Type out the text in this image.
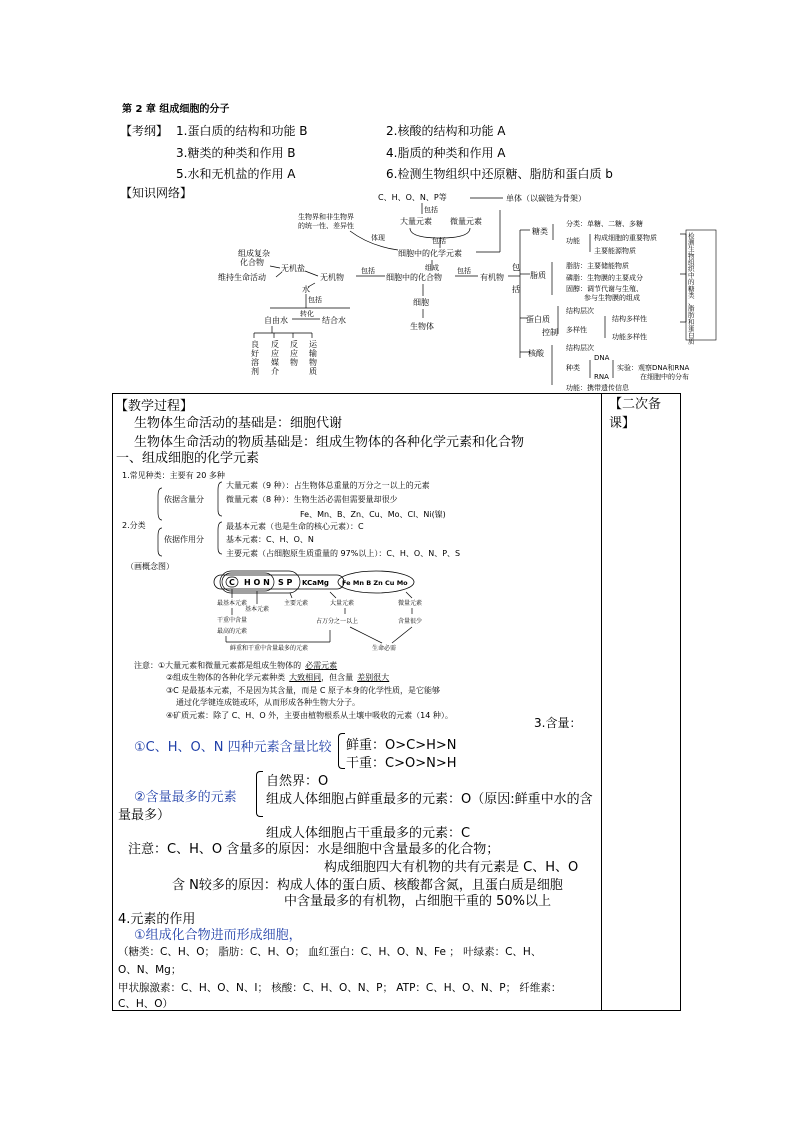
第 2 章 组成细胞的分子
【考纲】 1.蛋白质的结构和功能 B	2.核酸的结构和功能 A
3.糖类的种类和作用 B	4.脂质的种类和作用 A
5.水和无机盐的作用 A	6.检测生物组织中还原糖、脂肪和蛋白质 b
【知识网络】	C、H、O、N、P等	单体（以碳链为骨架）
包括
大量元素 微量元素
生物界和非生物界
的统一性、差异性
体现	包括
细胞中的化学元素
组成复杂
化合物
维持生命活动
无机盐
无机物
包括	组成
细胞中的化合物
包括
有机物
包
括
水
包括
转化
自由水	结合水
良
好
溶
剂
反
应
媒
介
反
应
物
运
输
物
质
细胞
生物体
糖类
分类：单糖、二糖、多糖
功能 构成细胞的重要物质
主要能源物质
脂质
脂肪：主要储能物质
磷脂：生物膜的主要成分
固醇：调节代谢与生殖、
参与生物膜的组成
蛋白质
结构层次
多样性
结构多样性
功能多样性
控制
核酸
结构层次
种类
DNA
RNA
实验：观察DNA和RNA
在细胞中的分布
功能：携带遗传信息
检
测
生
物
组
织
中
的
糖
类
、
脂
肪
和
蛋
白
质
【教学过程】	【二次备课】
生物体生命活动的基础是：细胞代谢
生物体生命活动的物质基础是：组成生物体的各种化学元素和化合物
一、组成细胞的化学元素
1.常见种类：主要有 20 多种
2.分类
依据含量分
依据作用分
大量元素（9 种）：占生物体总重量的万分之一以上的元素
微量元素（8 种）：生物生活必需但需要量却很少
Fe、Mn、B、Zn、Cu、Mo、Cl、Ni(镍)
最基本元素（也是生命的核心元素）：C
基本元素：C、H、O、N
主要元素（占细胞原生质重量的 97%以上）：C、H、O、N、P、S
（画概念图）
C H O N S P KCaMg Fe Mn B Zn Cu Mo
最基本元素
基本元素
主要元素	大量元素	微量元素
干重中含量
最高的元素
占万分之一以上	含量很少
鲜重和干重中含量最多的元素	生命必需
注意：①大量元素和微量元素都是组成生物体的 必需元素
②组成生物体的各种化学元素种类 大致相同，但含量 差别很大
③C 是最基本元素，不是因为其含量，而是 C 原子本身的化学性质，是它能够
通过化学键连成链或环，从而形成各种生物大分子。
④矿质元素：除了 C、H、O 外，主要由植物根系从土壤中吸收的元素（14 种）。
3.含量：
①C、H、O、N 四种元素含量比较 鲜重：O>C>H>N
干重：C>O>N>H
②含量最多的元素
自然界：O
组成人体细胞占鲜重最多的元素：O（原因:鲜重中水的含
量最多）
组成人体细胞占干重最多的元素：C
注意：C、H、O 含量多的原因：水是细胞中含量最多的化合物；
构成细胞四大有机物的共有元素是 C、H、O
含 N较多的原因：构成人体的蛋白质、核酸都含氮，且蛋白质是细胞
中含量最多的有机物，占细胞干重的 50%以上
4.元素的作用
①组成化合物进而形成细胞，
（糖类：C、H、O； 脂肪：C、H、O； 血红蛋白：C、H、O、N、Fe ； 叶绿素：C、H、
O、N、Mg；
甲状腺激素：C、H、O、N、I； 核酸：C、H、O、N、P； ATP：C、H、O、N、P； 纤维素：
C、H、O）
